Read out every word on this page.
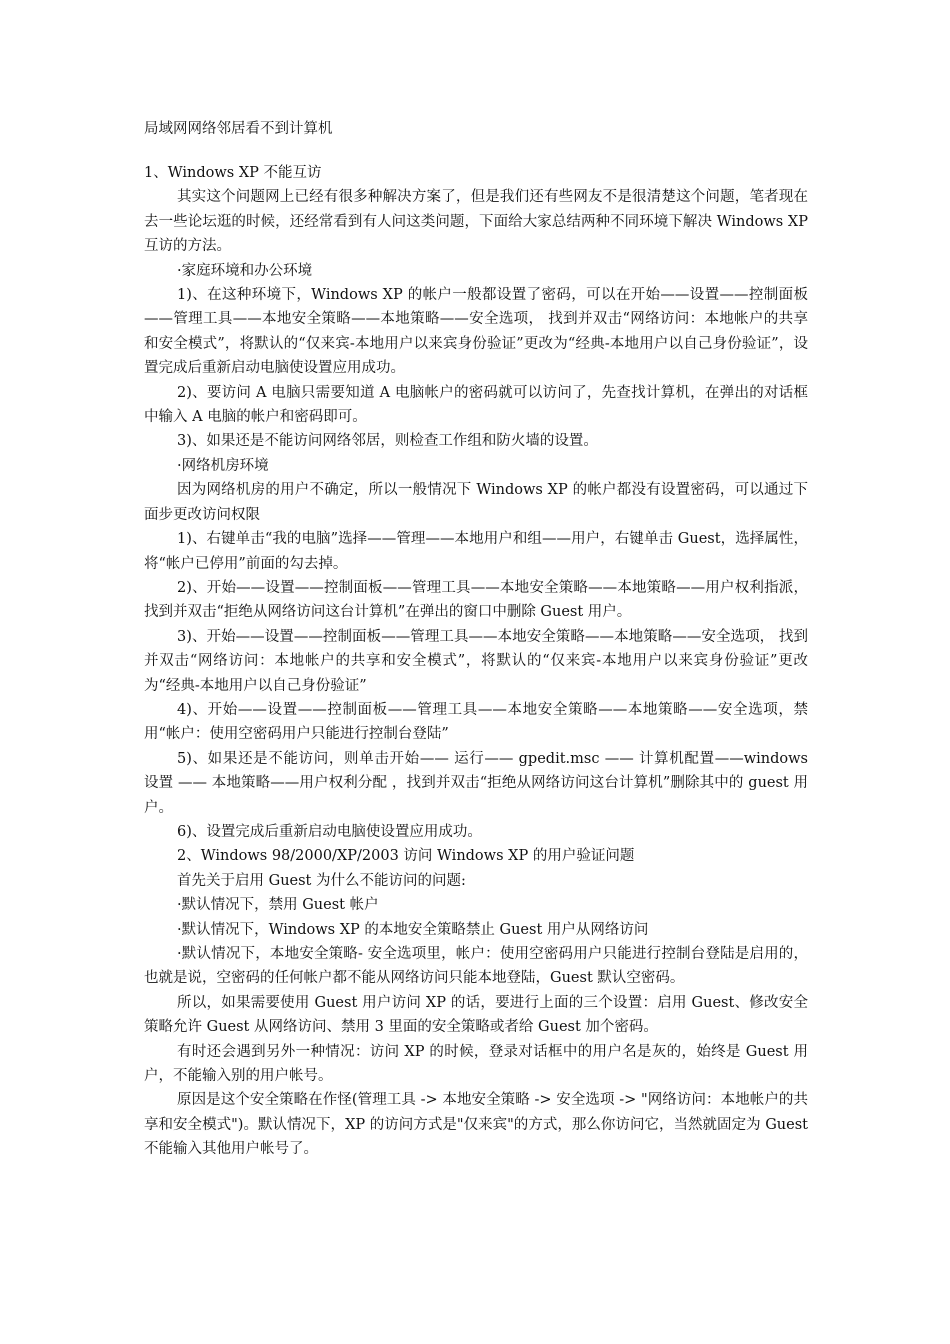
局域网网络邻居看不到计算机

1、Windows XP 不能互访

其实这个问题网上已经有很多种解决方案了，但是我们还有些网友不是很清楚这个问题，笔者现在去一些论坛逛的时候，还经常看到有人问这类问题，下面给大家总结两种不同环境下解决 Windows XP 互访的方法。

·家庭环境和办公环境

1)、在这种环境下，Windows XP 的帐户一般都设置了密码，可以在开始——设置——控制面板——管理工具——本地安全策略——本地策略——安全选项， 找到并双击“网络访问：本地帐户的共享和安全模式”，将默认的“仅来宾-本地用户以来宾身份验证”更改为“经典-本地用户以自己身份验证”，设置完成后重新启动电脑使设置应用成功。

2)、要访问 A 电脑只需要知道 A 电脑帐户的密码就可以访问了，先查找计算机，在弹出的对话框中输入 A 电脑的帐户和密码即可。

3)、如果还是不能访问网络邻居，则检查工作组和防火墙的设置。

·网络机房环境

因为网络机房的用户不确定，所以一般情况下 Windows XP 的帐户都没有设置密码，可以通过下面步更改访问权限

1)、右键单击“我的电脑”选择——管理——本地用户和组——用户，右键单击 Guest，选择属性，将“帐户已停用”前面的勾去掉。

2)、开始——设置——控制面板——管理工具——本地安全策略——本地策略——用户权利指派，找到并双击“拒绝从网络访问这台计算机”在弹出的窗口中删除 Guest 用户。

3)、开始——设置——控制面板——管理工具——本地安全策略——本地策略——安全选项， 找到并双击“网络访问：本地帐户的共享和安全模式”，将默认的“仅来宾-本地用户以来宾身份验证”更改为“经典-本地用户以自己身份验证”

4)、开始——设置——控制面板——管理工具——本地安全策略——本地策略——安全选项，禁用“帐户：使用空密码用户只能进行控制台登陆”

5)、如果还是不能访问，则单击开始—— 运行—— gpedit.msc —— 计算机配置——windows 设置 —— 本地策略——用户权利分配 ，找到并双击“拒绝从网络访问这台计算机”删除其中的 guest 用户。

6)、设置完成后重新启动电脑使设置应用成功。

2、Windows 98/2000/XP/2003 访问 Windows XP 的用户验证问题

首先关于启用 Guest 为什么不能访问的问题:

·默认情况下，禁用 Guest 帐户

·默认情况下，Windows XP 的本地安全策略禁止 Guest 用户从网络访问

·默认情况下，本地安全策略- 安全选项里，帐户：使用空密码用户只能进行控制台登陆是启用的，也就是说，空密码的任何帐户都不能从网络访问只能本地登陆，Guest 默认空密码。

所以，如果需要使用 Guest 用户访问 XP 的话，要进行上面的三个设置：启用 Guest、修改安全策略允许 Guest 从网络访问、禁用 3 里面的安全策略或者给 Guest 加个密码。

有时还会遇到另外一种情况：访问 XP 的时候，登录对话框中的用户名是灰的，始终是 Guest 用户，不能输入别的用户帐号。

原因是这个安全策略在作怪(管理工具 -> 本地安全策略 -> 安全选项 -> "网络访问：本地帐户的共享和安全模式")。默认情况下，XP 的访问方式是"仅来宾"的方式，那么你访问它，当然就固定为 Guest 不能输入其他用户帐号了。
